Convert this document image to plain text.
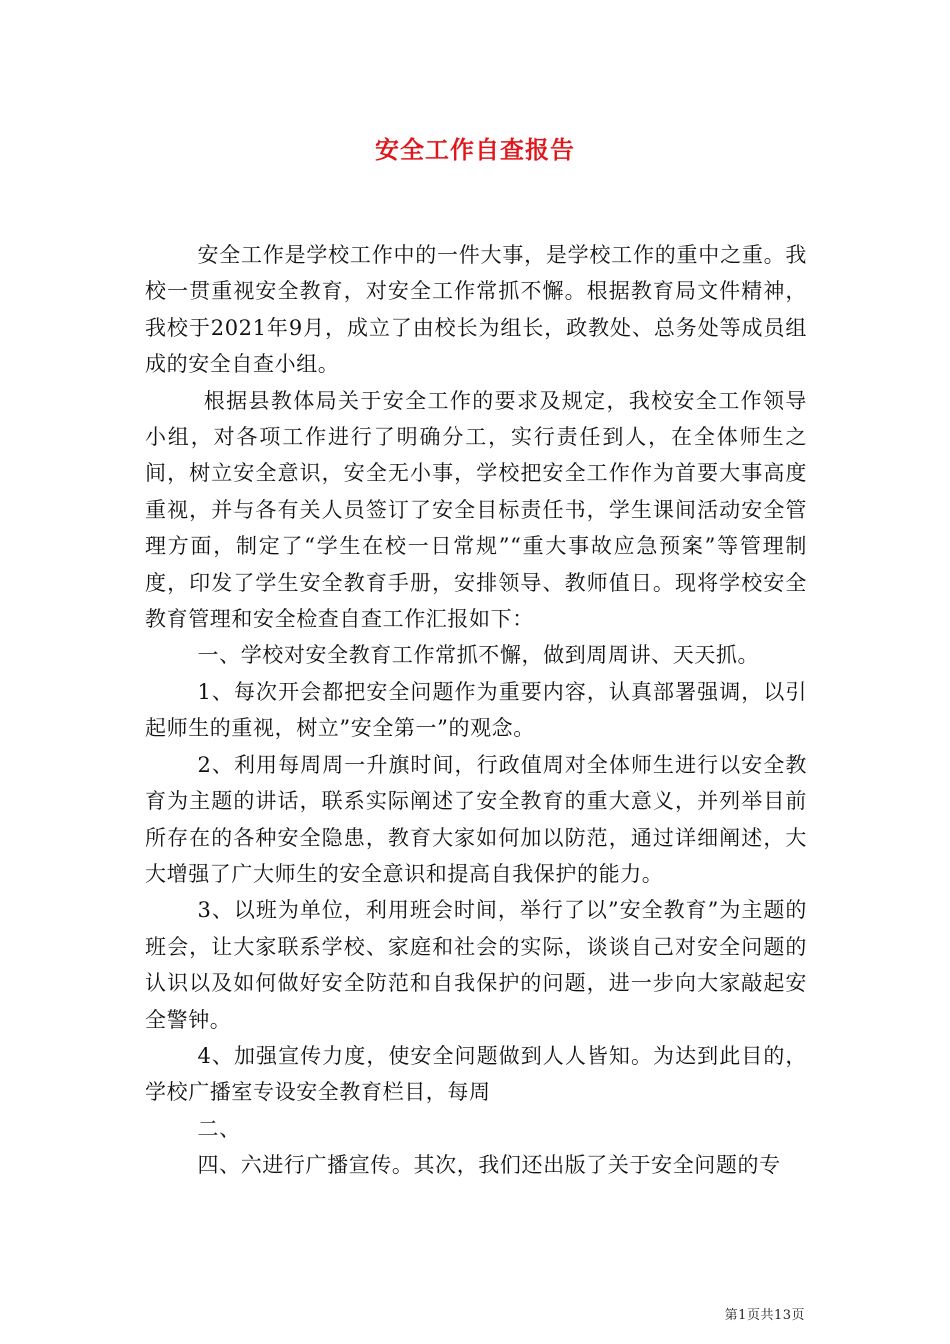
安全工作自查报告

安全工作是学校工作中的一件大事，是学校工作的重中之重。我校一贯重视安全教育，对安全工作常抓不懈。根据教育局文件精神，我校于2021年9月，成立了由校长为组长，政教处、总务处等成员组成的安全自查小组。

根据县教体局关于安全工作的要求及规定，我校安全工作领导小组，对各项工作进行了明确分工，实行责任到人，在全体师生之间，树立安全意识，安全无小事，学校把安全工作作为首要大事高度重视，并与各有关人员签订了安全目标责任书，学生课间活动安全管理方面，制定了“学生在校一日常规”“重大事故应急预案”等管理制度，印发了学生安全教育手册，安排领导、教师值日。现将学校安全教育管理和安全检查自查工作汇报如下：

一、学校对安全教育工作常抓不懈，做到周周讲、天天抓。

1、每次开会都把安全问题作为重要内容，认真部署强调，以引起师生的重视，树立”安全第一”的观念。

2、利用每周周一升旗时间，行政值周对全体师生进行以安全教育为主题的讲话，联系实际阐述了安全教育的重大意义，并列举目前所存在的各种安全隐患，教育大家如何加以防范，通过详细阐述，大大增强了广大师生的安全意识和提高自我保护的能力。

3、以班为单位，利用班会时间，举行了以”安全教育”为主题的班会，让大家联系学校、家庭和社会的实际，谈谈自己对安全问题的认识以及如何做好安全防范和自我保护的问题，进一步向大家敲起安全警钟。

4、加强宣传力度，使安全问题做到人人皆知。为达到此目的，学校广播室专设安全教育栏目，每周

二、

四、六进行广播宣传。其次，我们还出版了关于安全问题的专

第1页共13页
